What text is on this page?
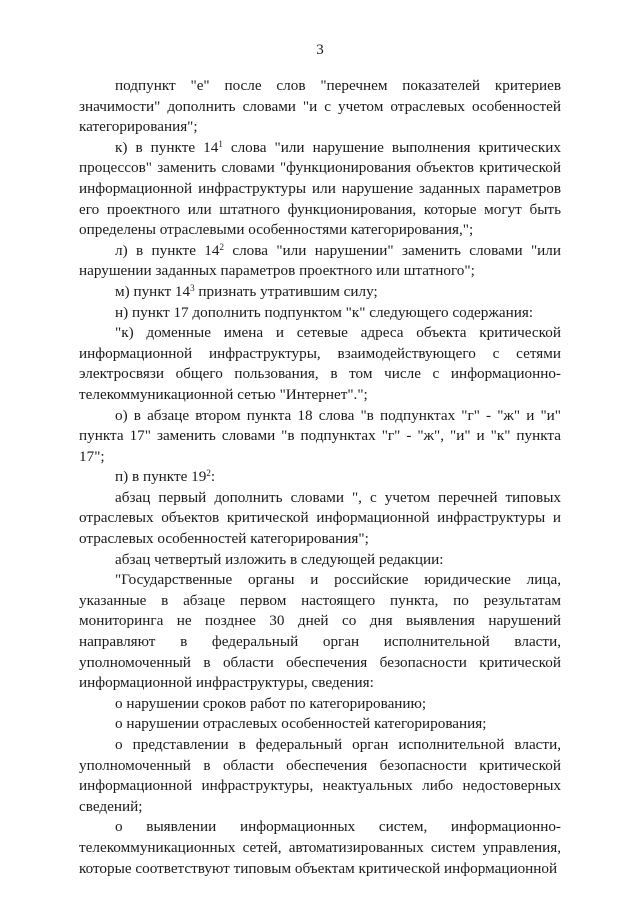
3

подпункт "е" после слов "перечнем показателей критериев значимости" дополнить словами "и с учетом отраслевых особенностей категорирования";

к) в пункте $14^1$ слова "или нарушение выполнения критических процессов" заменить словами "функционирования объектов критической информационной инфраструктуры или нарушение заданных параметров его проектного или штатного функционирования, которые могут быть определены отраслевыми особенностями категорирования,";

л) в пункте $14^2$ слова "или нарушении" заменить словами "или нарушении заданных параметров проектного или штатного";

м) пункт $14^3$ признать утратившим силу;

н) пункт 17 дополнить подпунктом "к" следующего содержания:

"к) доменные имена и сетевые адреса объекта критической информационной инфраструктуры, взаимодействующего с сетями электросвязи общего пользования, в том числе с информационно-телекоммуникационной сетью "Интернет".";

о) в абзаце втором пункта 18 слова "в подпунктах "г" - "ж" и "и" пункта 17" заменить словами "в подпунктах "г" - "ж", "и" и "к" пункта 17";

п) в пункте $19^2$:

абзац первый дополнить словами ", с учетом перечней типовых отраслевых объектов критической информационной инфраструктуры и отраслевых особенностей категорирования";

абзац четвертый изложить в следующей редакции:

"Государственные органы и российские юридические лица, указанные в абзаце первом настоящего пункта, по результатам мониторинга не позднее 30 дней со дня выявления нарушений направляют в федеральный орган исполнительной власти, уполномоченный в области обеспечения безопасности критической информационной инфраструктуры, сведения:

о нарушении сроков работ по категорированию;

о нарушении отраслевых особенностей категорирования;

о представлении в федеральный орган исполнительной власти, уполномоченный в области обеспечения безопасности критической информационной инфраструктуры, неактуальных либо недостоверных сведений;

о выявлении информационных систем, информационно-телекоммуникационных сетей, автоматизированных систем управления, которые соответствуют типовым объектам критической информационной
